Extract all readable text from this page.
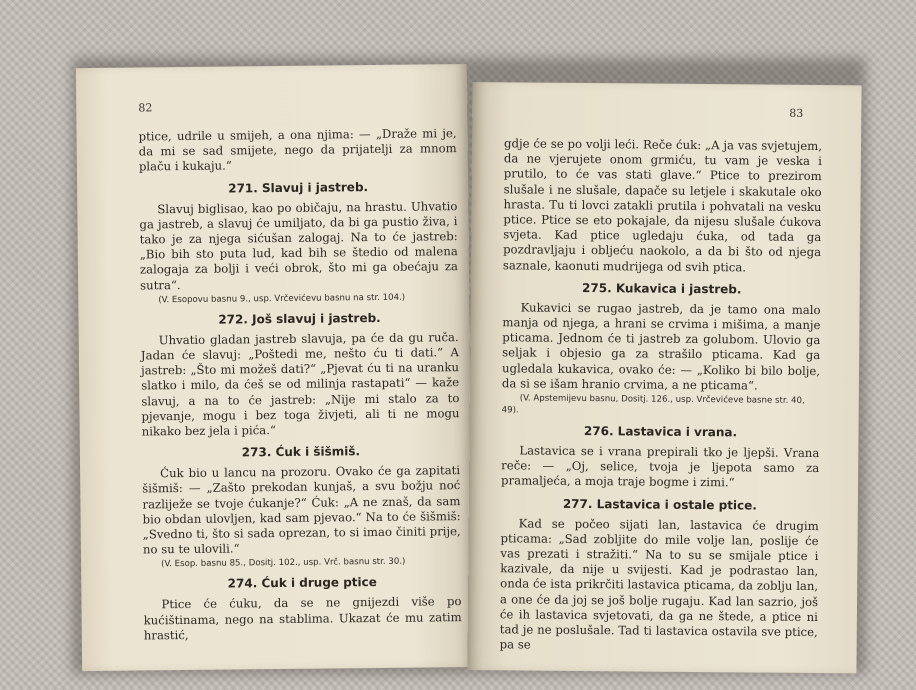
82

ptice, udrile u smijeh, a ona njima: — „Draže mi je, da mi se sad smijete, nego da prijatelji za mnom plaču i kukaju.“

271. Slavuj i jastreb.

Slavuj biglisao, kao po običaju, na hrastu. Uhvatio ga jastreb, a slavuj će umiljato, da bi ga pustio živa, i tako je za njega sićušan zalogaj. Na to će jastreb: „Bio bih sto puta lud, kad bih se štedio od malena zalogaja za bolji i veći obrok, što mi ga obećaju za sutra“.

(V. Esopovu basnu 9., usp. Vrčevićevu basnu na str. 104.)
272. Još slavuj i jastreb.

Uhvatio gladan jastreb slavuja, pa će da gu ruča. Jadan će slavuj: „Poštedi me, nešto ću ti dati.“ A jastreb: „Što mi možeš dati?“ „Pjevat ću ti na uranku slatko i milo, da ćeš se od milinja rastapati“ — kaže slavuj, a na to će jastreb: „Nije mi stalo za to pjevanje, mogu i bez toga živjeti, ali ti ne mogu nikako bez jela i pića.“

273. Ćuk i šišmiš.

Ćuk bio u lancu na prozoru. Ovako će ga zapitati šišmiš: — „Zašto prekodan kunjaš, a svu božju noć razliježe se tvoje ćukanje?“ Ćuk: „A ne znaš, da sam bio obdan ulovljen, kad sam pjevao.“ Na to će šišmiš: „Svedno ti, što si sada oprezan, to si imao činiti prije, no su te ulovili.“

(V. Esop. basnu 85., Dositj. 102., usp. Vrč. basnu str. 30.)
274. Ćuk i druge ptice

Ptice će ćuku, da se ne gnijezdi više po kućištinama, nego na stablima. Ukazat će mu zatim hrastić,

83

gdje će se po volji leći. Reče ćuk: „A ja vas svjetujem, da ne vjerujete onom grmiću, tu vam je veska i prutilo, to će vas stati glave.“ Ptice to prezirom slušale i ne slušale, dapače su letjele i skakutale oko hrasta. Tu ti lovci zatakli prutila i pohvatali na vesku ptice. Ptice se eto pokajale, da nijesu slušale ćukova svjeta. Kad ptice ugledaju ćuka, od tada ga pozdravljaju i obljeću naokolo, a da bi što od njega saznale, kaonuti mudrijega od svih ptica.

275. Kukavica i jastreb.

Kukavici se rugao jastreb, da je tamo ona malo manja od njega, a hrani se crvima i mišima, a manje pticama. Jednom će ti jastreb za golubom. Ulovio ga seljak i objesio ga za strašilo pticama. Kad ga ugledala kukavica, ovako će: — „Koliko bi bilo bolje, da si se išam hranio crvima, a ne pticama“.

(V. Apstemijevu basnu, Dositj. 126., usp. Vrčevićeve basne str. 40, 49).
276. Lastavica i vrana.

Lastavica se i vrana prepirali tko je ljepši. Vrana reče: — „Oj, selice, tvoja je ljepota samo za pramaljeća, a moja traje bogme i zimi.“

277. Lastavica i ostale ptice.

Kad se počeo sijati lan, lastavica će drugim pticama: „Sad zobljite do mile volje lan, poslije će vas prezati i stražiti.“ Na to su se smijale ptice i kazivale, da nije u svijesti. Kad je podrastao lan, onda će ista prikrčiti lastavica pticama, da zoblju lan, a one će da joj se još bolje rugaju. Kad lan sazrio, još će ih lastavica svjetovati, da ga ne štede, a ptice ni tad je ne poslušale. Tad ti lastavica ostavila sve ptice, pa se
